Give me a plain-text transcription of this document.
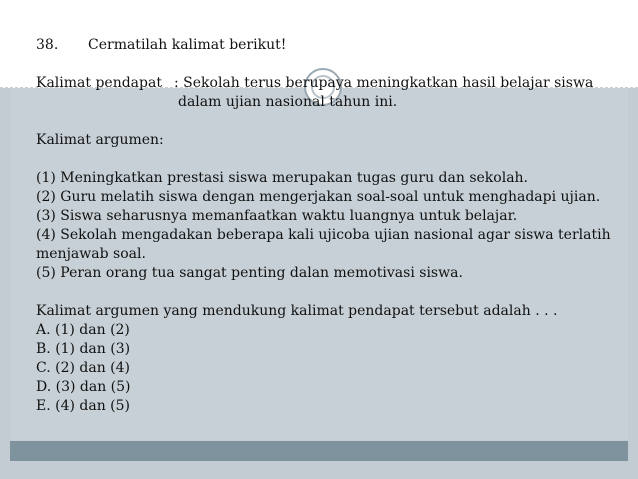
38. Cermatilah kalimat berikut!
Kalimat pendapat : Sekolah terus berupaya meningkatkan hasil belajar siswa
dalam ujian nasional tahun ini.
Kalimat argumen:
(1) Meningkatkan prestasi siswa merupakan tugas guru dan sekolah.
(2) Guru melatih siswa dengan mengerjakan soal-soal untuk menghadapi ujian.
(3) Siswa seharusnya memanfaatkan waktu luangnya untuk belajar.
(4) Sekolah mengadakan beberapa kali ujicoba ujian nasional agar siswa terlatih
menjawab soal.
(5) Peran orang tua sangat penting dalan memotivasi siswa.
Kalimat argumen yang mendukung kalimat pendapat tersebut adalah . . .
A. (1) dan (2)
B. (1) dan (3)
C. (2) dan (4)
D. (3) dan (5)
E. (4) dan (5)
